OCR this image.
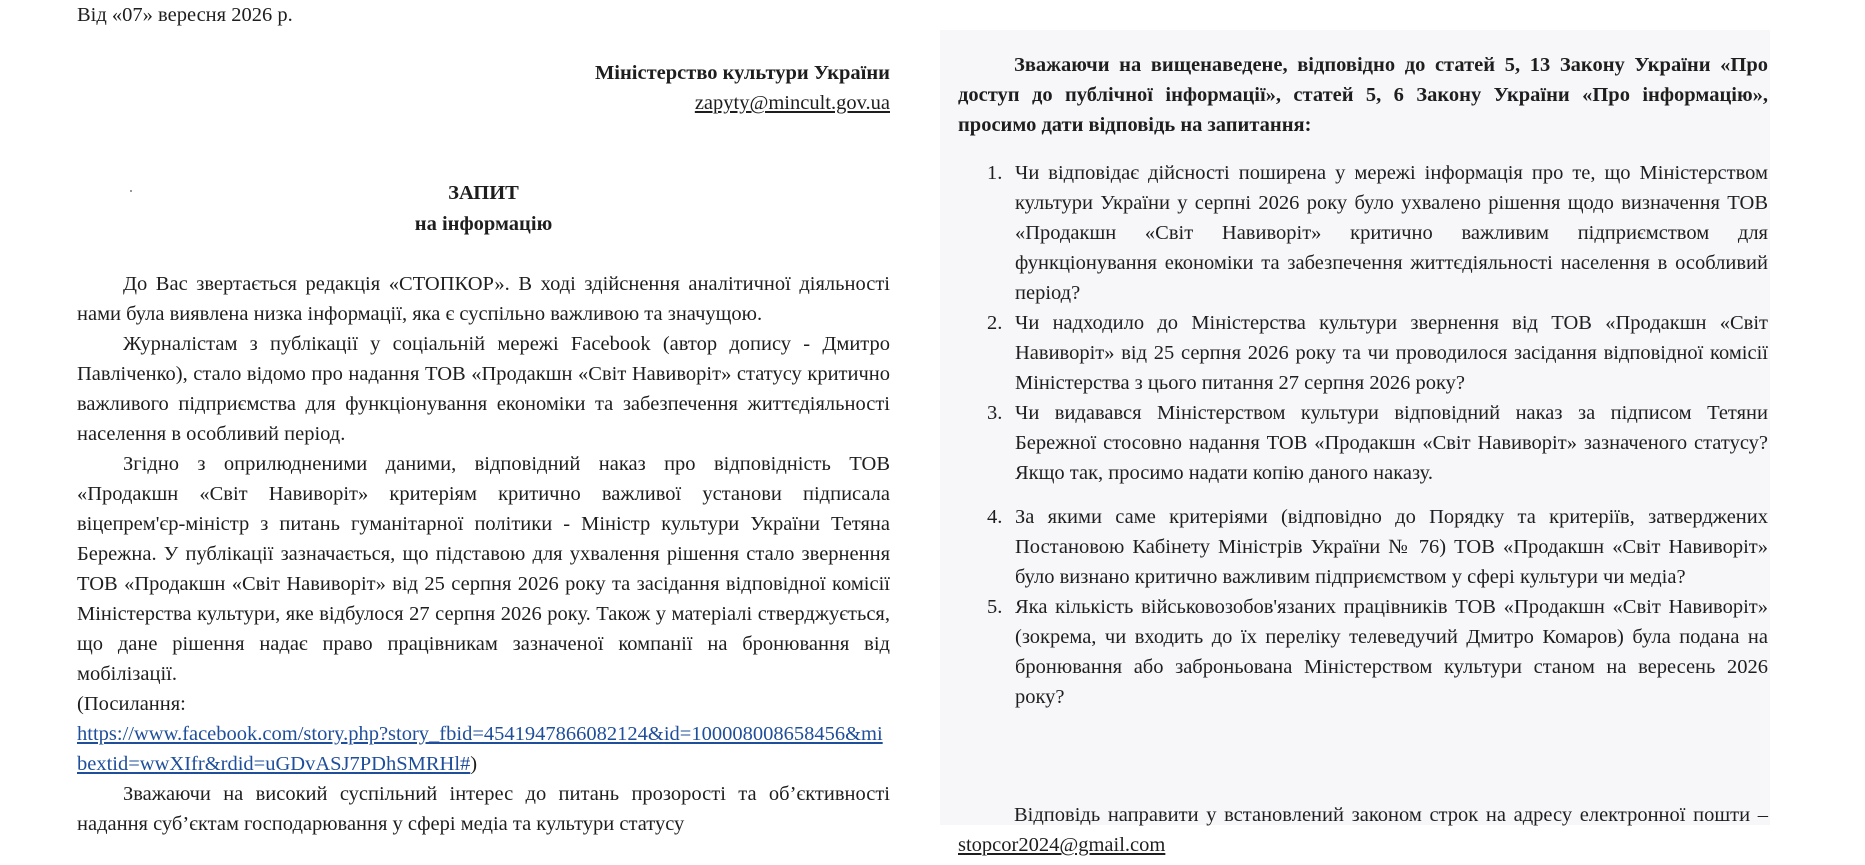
Від «07» вересня 2026 р.
Міністерство культури України
zapyty@mincult.gov.ua
ЗАПИТ
на інформацію

До Вас звертається редакція «СТОПКОР». В ході здійснення аналітичної діяльності нами була виявлена низка інформації, яка є суспільно важливою та значущою.

Журналістам з публікації у соціальній мережі Facebook (автор допису - Дмитро Павліченко), стало відомо про надання ТОВ «Продакшн «Світ Навиворіт» статусу критично важливого підприємства для функціонування економіки та забезпечення життєдіяльності населення в особливий період.

Згідно з оприлюдненими даними, відповідний наказ про відповідність ТОВ «Продакшн «Світ Навиворіт» критеріям критично важливої установи підписала віцепрем'єр-міністр з питань гуманітарної політики - Міністр культури України Тетяна Бережна. У публікації зазначається, що підставою для ухвалення рішення стало звернення ТОВ «Продакшн «Світ Навиворіт» від 25 серпня 2026 року та засідання відповідної комісії Міністерства культури, яке відбулося 27 серпня 2026 року. Також у матеріалі стверджується, що дане рішення надає право працівникам зазначеної компанії на бронювання від мобілізації.

(Посилання:
https://www.facebook.com/story.php?story_fbid=4541947866082124&id=100008008658456&mibextid=wwXIfr&rdid=uGDvASJ7PDhSMRHl#)

Зважаючи на високий суспільний інтерес до питань прозорості та об’єктивності надання суб’єктам господарювання у сфері медіа та культури статусу

Зважаючи на вищенаведене, відповідно до статей 5, 13 Закону України «Про доступ до публічної інформації», статей 5, 6 Закону України «Про інформацію», просимо дати відповідь на запитання:

1. Чи відповідає дійсності поширена у мережі інформація про те, що Міністерством культури України у серпні 2026 року було ухвалено рішення щодо визначення ТОВ «Продакшн «Світ Навиворіт» критично важливим підприємством для функціонування економіки та забезпечення життєдіяльності населення в особливий період?
2. Чи надходило до Міністерства культури звернення від ТОВ «Продакшн «Світ Навиворіт» від 25 серпня 2026 року та чи проводилося засідання відповідної комісії Міністерства з цього питання 27 серпня 2026 року?
3. Чи видавався Міністерством культури відповідний наказ за підписом Тетяни Бережної стосовно надання ТОВ «Продакшн «Світ Навиворіт» зазначеного статусу? Якщо так, просимо надати копію даного наказу.
4. За якими саме критеріями (відповідно до Порядку та критеріїв, затверджених Постановою Кабінету Міністрів України № 76) ТОВ «Продакшн «Світ Навиворіт» було визнано критично важливим підприємством у сфері культури чи медіа?
5. Яка кількість військовозобов'язаних працівників ТОВ «Продакшн «Світ Навиворіт» (зокрема, чи входить до їх переліку телеведучий Дмитро Комаров) була подана на бронювання або заброньована Міністерством культури станом на вересень 2026 року?

Відповідь направити у встановлений законом строк на адресу електронної пошти – stopcor2024@gmail.com
